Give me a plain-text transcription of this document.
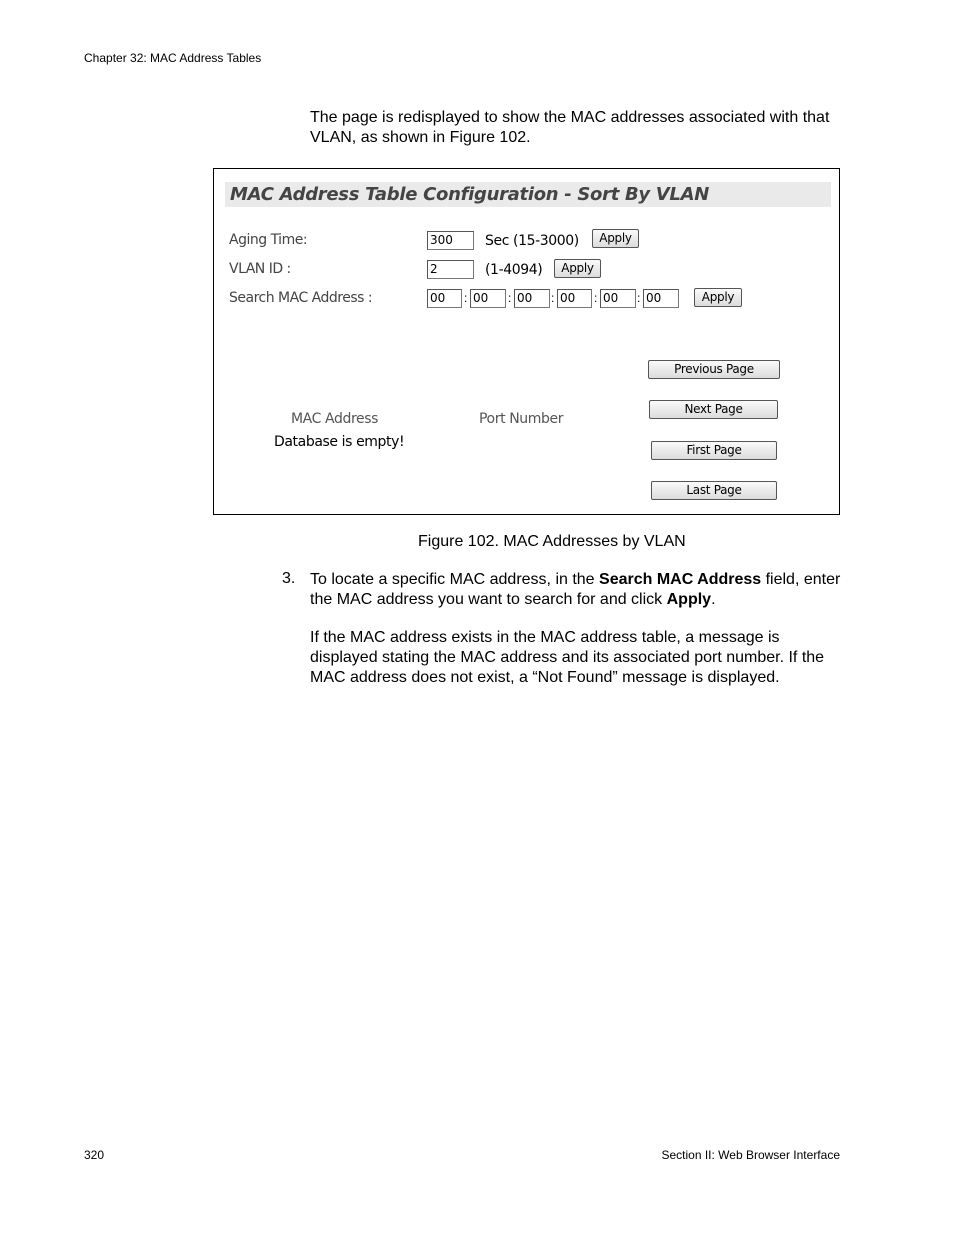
Chapter 32: MAC Address Tables
The page is redisplayed to show the MAC addresses associated with that VLAN, as shown in Figure 102.
MAC Address Table Configuration - Sort By VLAN
Aging Time:	300	Sec (15-3000)	Apply
VLAN ID :	2	(1-4094)	Apply
Search MAC Address :	00	: 00	: 00	: 00	: 00	: 00	Apply
Previous Page
Next Page
First Page
Last Page
MAC Address	Port Number
Database is empty!
Figure 102. MAC Addresses by VLAN
3. To locate a specific MAC address, in the Search MAC Address field, enter the MAC address you want to search for and click Apply.
If the MAC address exists in the MAC address table, a message is displayed stating the MAC address and its associated port number. If the MAC address does not exist, a “Not Found” message is displayed.
320	Section II: Web Browser Interface
